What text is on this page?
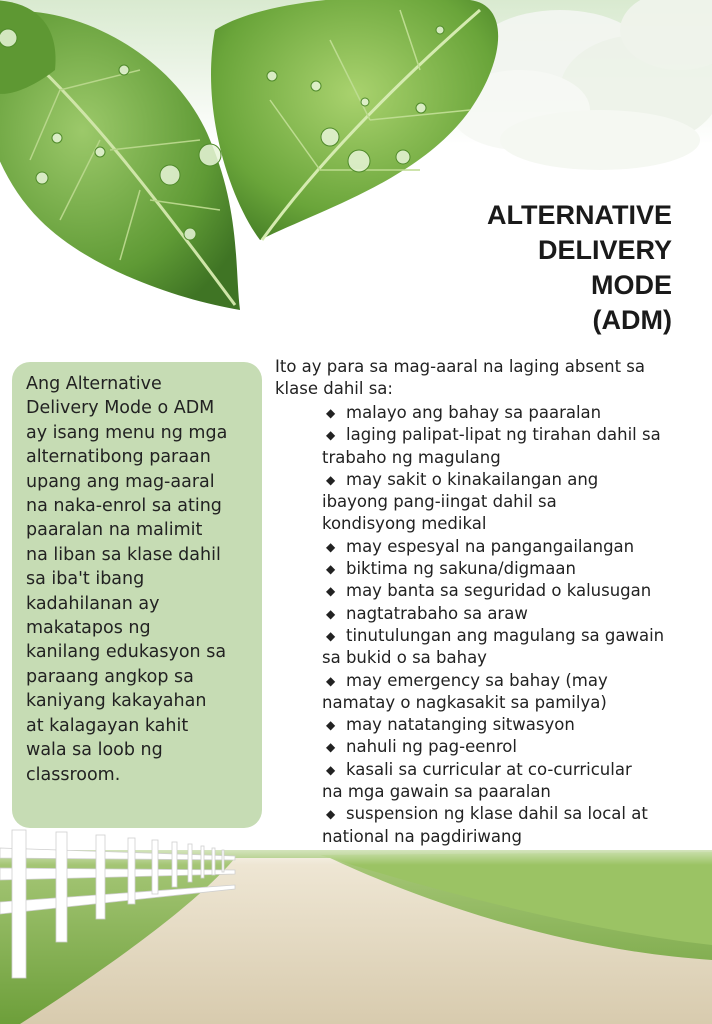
ALTERNATIVE
DELIVERY
MODE
(ADM)

Ang Alternative
Delivery Mode o ADM
ay isang menu ng mga
alternatibong paraan
upang ang mag-aaral
na naka-enrol sa ating
paaralan na malimit
na liban sa klase dahil
sa iba't ibang
kadahilanan ay
makatapos ng
kanilang edukasyon sa
paraang angkop sa
kaniyang kakayahan
at kalagayan kahit
wala sa loob ng
classroom.

Ito ay para sa mag-aaral na laging absent sa
klase dahil sa:
◆ malayo ang bahay sa paaralan
◆ laging palipat-lipat ng tirahan dahil sa
trabaho ng magulang
◆ may sakit o kinakailangan ang
ibayong pang-iingat dahil sa
kondisyong medikal
◆ may espesyal na pangangailangan
◆ biktima ng sakuna/digmaan
◆ may banta sa seguridad o kalusugan
◆ nagtatrabaho sa araw
◆ tinutulungan ang magulang sa gawain
sa bukid o sa bahay
◆ may emergency sa bahay (may
namatay o nagkasakit sa pamilya)
◆ may natatanging sitwasyon
◆ nahuli ng pag-eenrol
◆ kasali sa curricular at co-curricular
na mga gawain sa paaralan
◆ suspension ng klase dahil sa local at
national na pagdiriwang
